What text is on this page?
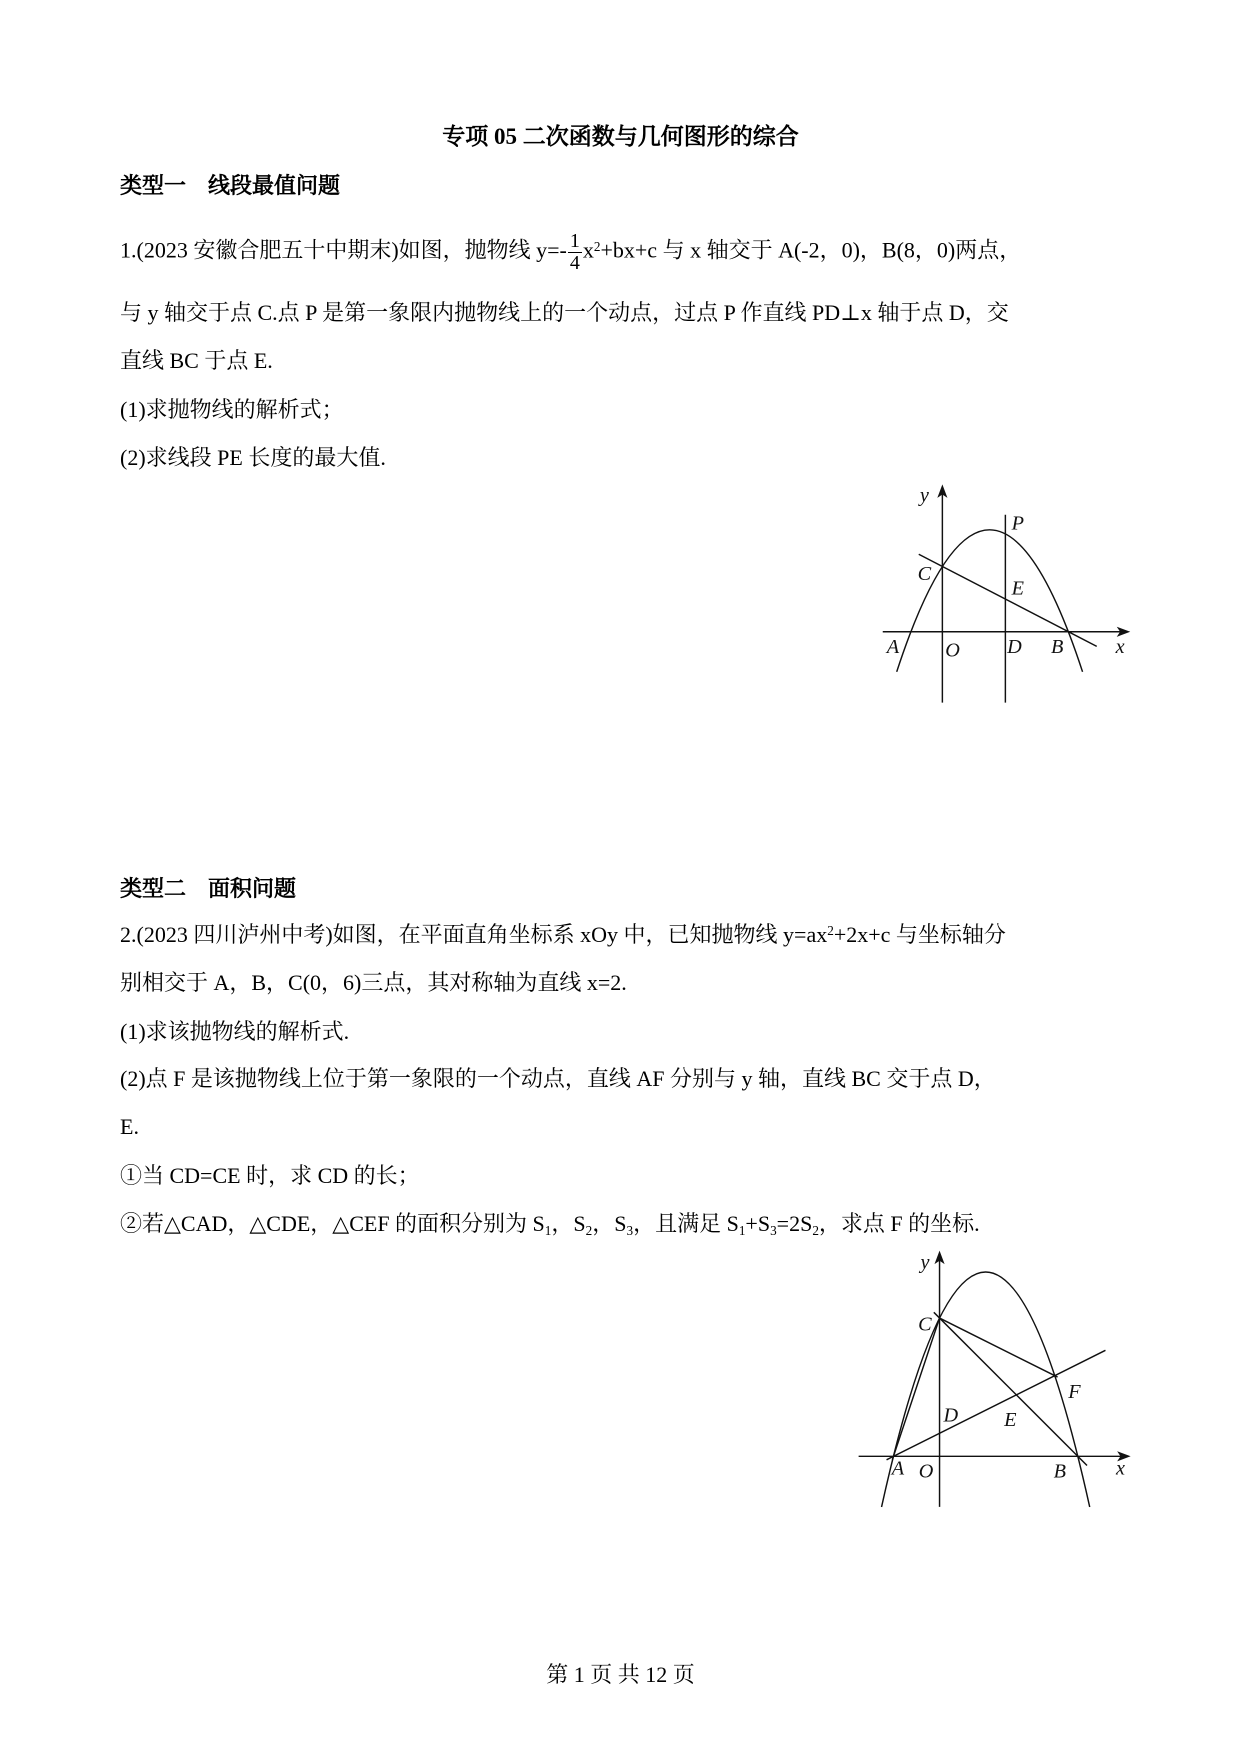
专项 05 二次函数与几何图形的综合
类型一　线段最值问题
1.(2023 安徽合肥五十中期末)如图，抛物线 $y=- \frac{1}{4} x^2+bx+c$ 与 x 轴交于 A(-2，0)，B(8，0)两点，
与 y 轴交于点 C.点 P 是第一象限内抛物线上的一个动点，过点 P 作直线 PD⊥x 轴于点 D，交
直线 BC 于点 E.
(1)求抛物线的解析式；
(2)求线段 PE 长度的最大值.
y
x
P
C
E
A	O	D B
类型二　面积问题
2.(2023 四川泸州中考)如图，在平面直角坐标系 xOy 中，已知抛物线 $y=ax^2+2x+c$ 与坐标轴分
别相交于 A，B，C(0，6)三点，其对称轴为直线 x=2.
(1)求该抛物线的解析式.
(2)点 F 是该抛物线上位于第一象限的一个动点，直线 AF 分别与 y 轴，直线 BC 交于点 D，
E.
①当 CD=CE 时，求 CD 的长；
②若△CAD，△CDE，△CEF 的面积分别为 $S_1$，$S_2$，$S_3$，且满足 $S_1+S_3=2S_2$，求点 F 的坐标.
y
x
C
D	E
F
A O	B
第 1 页 共 12 页
